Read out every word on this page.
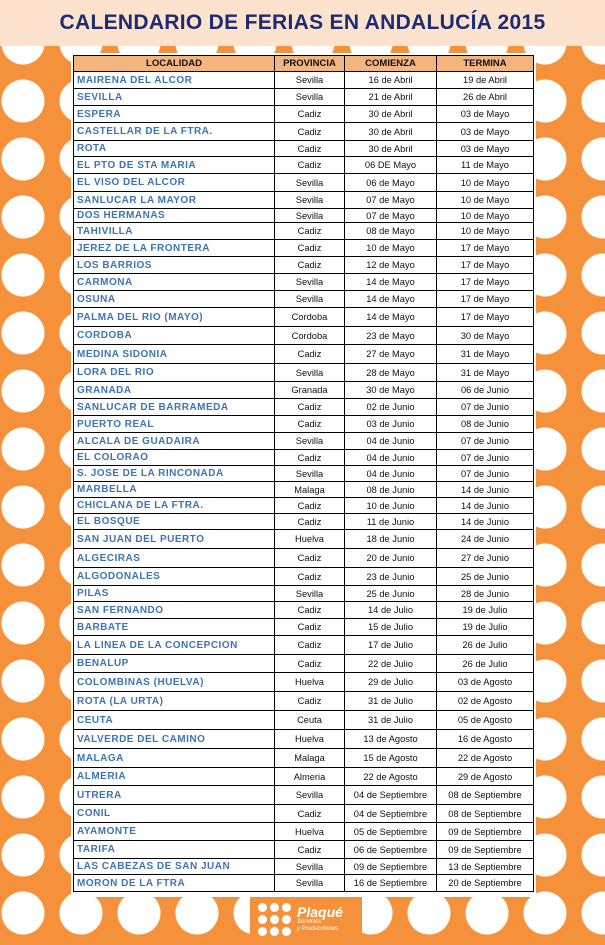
CALENDARIO DE FERIAS EN ANDALUCÍA 2015
LOCALIDAD	PROVINCIA	COMIENZA	TERMINA
MAIRENA DEL ALCOR	Sevilla	16 de Abril	19 de Abril
SEVILLA	Sevilla	21 de Abril	26 de Abril
ESPERA	Cadiz	30 de Abril	03 de Mayo
CASTELLAR DE LA FTRA.	Cadiz	30 de Abril	03 de Mayo
ROTA	Cadiz	30 de Abril	03 de Mayo
EL PTO DE STA MARIA	Cadiz	06 DE Mayo	11 de Mayo
EL VISO DEL ALCOR	Sevilla	06 de Mayo	10 de Mayo
SANLUCAR LA MAYOR	Sevilla	07 de Mayo	10 de Mayo
DOS HERMANAS	Sevilla	07 de Mayo	10 de Mayo
TAHIVILLA	Cadiz	08 de Mayo	10 de Mayo
JEREZ DE LA FRONTERA	Cadiz	10 de Mayo	17 de Mayo
LOS BARRIOS	Cadiz	12 de Mayo	17 de Mayo
CARMONA	Sevilla	14 de Mayo	17 de Mayo
OSUNA	Sevilla	14 de Mayo	17 de Mayo
PALMA DEL RIO (MAYO)	Cordoba	14 de Mayo	17 de Mayo
CORDOBA	Cordoba	23 de Mayo	30 de Mayo
MEDINA SIDONIA	Cadiz	27 de Mayo	31 de Mayo
LORA DEL RIO	Sevilla	28 de Mayo	31 de Mayo
GRANADA	Granada	30 de Mayo	06 de Junio
SANLUCAR DE BARRAMEDA	Cadiz	02 de Junio	07 de Junio
PUERTO REAL	Cadiz	03 de Junio	08 de Junio
ALCALA DE GUADAIRA	Sevilla	04 de Junio	07 de Junio
EL COLORAO	Cadiz	04 de Junio	07 de Junio
S. JOSE DE LA RINCONADA	Sevilla	04 de Junio	07 de Junio
MARBELLA	Malaga	08 de Junio	14 de Junio
CHICLANA DE LA FTRA.	Cadiz	10 de Junio	14 de Junio
EL BOSQUE	Cadiz	11 de Junio	14 de Junio
SAN JUAN DEL PUERTO	Huelva	18 de Junio	24 de Junio
ALGECIRAS	Cadiz	20 de Junio	27 de Junio
ALGODONALES	Cadiz	23 de Junio	25 de Junio
PILAS	Sevilla	25 de Junio	28 de Junio
SAN FERNANDO	Cadiz	14 de Julio	19 de Julio
BARBATE	Cadiz	15 de Julio	19 de Julio
LA LINEA DE LA CONCEPCION	Cadiz	17 de Julio	26 de Julio
BENALUP	Cadiz	22 de Julio	26 de Julio
COLOMBINAS (HUELVA)	Huelva	29 de Julio	03 de Agosto
ROTA (LA URTA)	Cadiz	31 de Julio	02 de Agosto
CEUTA	Ceuta	31 de Julio	05 de Agosto
VALVERDE DEL CAMINO	Huelva	13 de Agosto	16 de Agosto
MALAGA	Malaga	15 de Agosto	22 de Agosto
ALMERIA	Almeria	22 de Agosto	29 de Agosto
UTRERA	Sevilla	04 de Septiembre	08 de Septiembre
CONIL	Cadiz	04 de Septiembre	08 de Septiembre
AYAMONTE	Huelva	05 de Septiembre	09 de Septiembre
TARIFA	Cadiz	06 de Septiembre	09 de Septiembre
LAS CABEZAS DE SAN JUAN	Sevilla	09 de Septiembre	13 de Septiembre
MORON DE LA FTRA	Sevilla	16 de Septiembre	20 de Septiembre
Plaqué
Servicios
y Producciones
